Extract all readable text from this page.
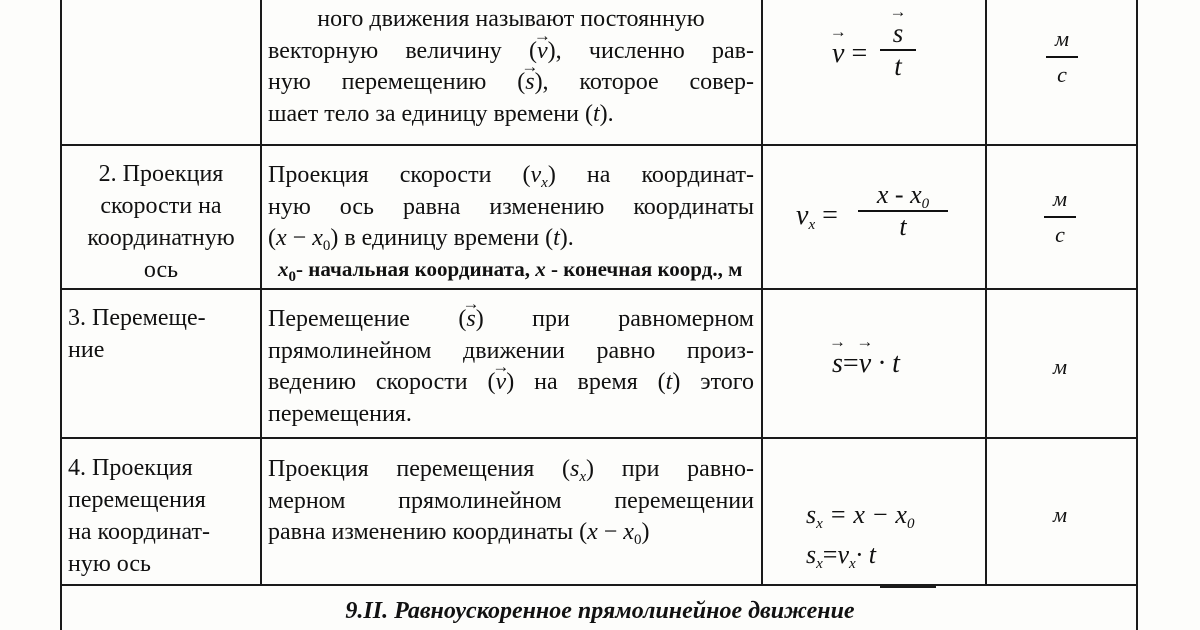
ного движения называют постоянную
векторную величину (→ v), численно рав-
ную перемещению (→ s), которое совер-
шает тело за единицу времени (t).
→ v =
→ s
t
м
с
2. Проекция
скорости на
координатную
ось
Проекция скорости $(v_x)$ на координат-
ную ось равна изменению координаты
$(x - x_0)$ в единицу времени (t).
$x_0-$ начальная координата, x - конечная коорд., м
$v_x$ =
x - $x_0$
t
м
с
3. Перемеще-
ние
Перемещение (→ s) при равномерном
прямолинейном движении равно произ-
ведению скорости (→ v) на время (t) этого
перемещения.
→ s=→ v · t	м
4. Проекция
перемещения
на координат-
ную ось
Проекция перемещения $(s_x)$ при равно-
мерном прямолинейном перемещении
равна изменению координаты $(x - x_0)$
$s_x = x - x_0$
$s_x=v_x\cdot t$
м
9.II. Равноускоренное прямолинейное движение
